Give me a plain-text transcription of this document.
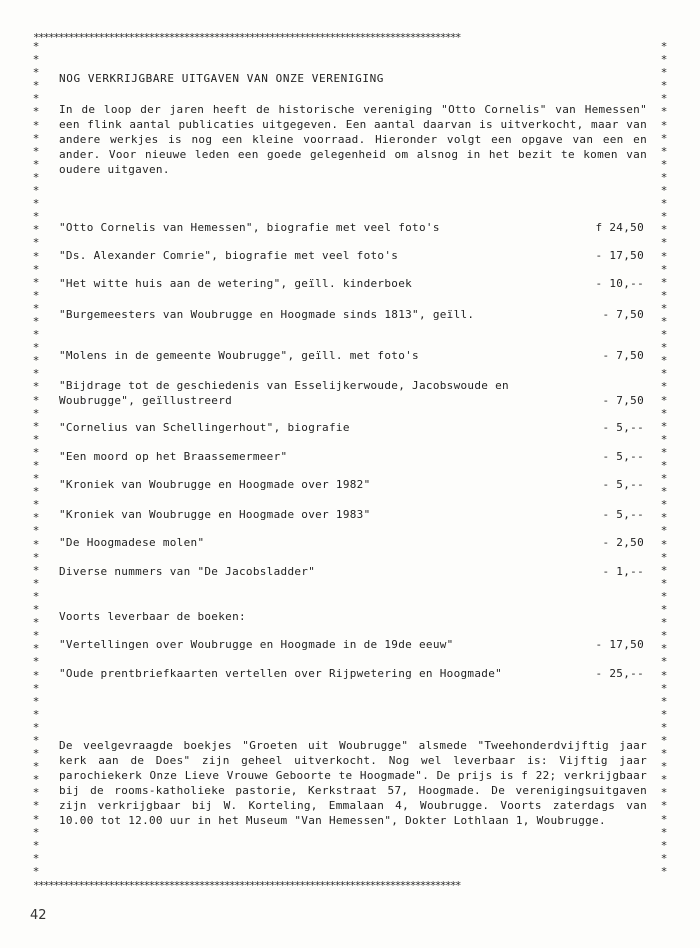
*************************************************************************************
*
*
*
*
*
*
*
*
*
*
*
*
*
*
*
*
*
*
*
*
*
*
*
*
*
*
*
*
*
*
*
*
*
*
*
*
*
*
*
*
*
*
*
*
*
*
*
*
*
*
*
*
*
*
*
*
*
*
*
*
*
*
*
*
*
*
*
*
*
*
*
*
*
*
*
*
*
*
*
*
*
*
*
*
*
*
*
*
*
*
*
*
*
*
*
*
*
*
*
*
*
*
*
*
*
*
*
*
*
*
*
*
*
*
*
*
*
*
*
*
*
*
*
*
*
*
*
*
*************************************************************************************
NOG VERKRIJGBARE UITGAVEN VAN ONZE VERENIGING
In de loop der jaren heeft de historische vereniging "Otto Cornelis" van Hemessen" een flink aantal publicaties uitgegeven. Een aantal daarvan is uitverkocht, maar van andere werkjes is nog een kleine voorraad. Hieronder volgt een opgave van een en ander. Voor nieuwe leden een goede gelegenheid om alsnog in het bezit te komen van oudere uitgaven.
"Otto Cornelis van Hemessen", biografie met veel foto's	f 24,50
"Ds. Alexander Comrie", biografie met veel foto's	- 17,50
"Het witte huis aan de wetering", geïll. kinderboek	- 10,--
"Burgemeesters van Woubrugge en Hoogmade sinds 1813", geïll.	- 7,50
"Molens in de gemeente Woubrugge", geïll. met foto's	- 7,50
"Bijdrage tot de geschiedenis van Esselijkerwoude, Jacobswoude en Woubrugge", geïllustreerd	- 7,50
"Cornelius van Schellingerhout", biografie	- 5,--
"Een moord op het Braassemermeer"	- 5,--
"Kroniek van Woubrugge en Hoogmade over 1982"	- 5,--
"Kroniek van Woubrugge en Hoogmade over 1983"	- 5,--
"De Hoogmadese molen"	- 2,50
Diverse nummers van "De Jacobsladder"	- 1,--
Voorts leverbaar de boeken:
"Vertellingen over Woubrugge en Hoogmade in de 19de eeuw"	- 17,50
"Oude prentbriefkaarten vertellen over Rijpwetering en Hoogmade"	- 25,--
De veelgevraagde boekjes "Groeten uit Woubrugge" alsmede "Tweehonderdvijftig jaar kerk aan de Does" zijn geheel uitverkocht. Nog wel leverbaar is: Vijftig jaar parochiekerk Onze Lieve Vrouwe Geboorte te Hoogmade". De prijs is f 22; verkrijgbaar bij de rooms-katholieke pastorie, Kerkstraat 57, Hoogmade. De verenigingsuitgaven zijn verkrijgbaar bij W. Korteling, Emmalaan 4, Woubrugge. Voorts zaterdags van 10.00 tot 12.00 uur in het Museum "Van Hemessen", Dokter Lothlaan 1, Woubrugge.
42
